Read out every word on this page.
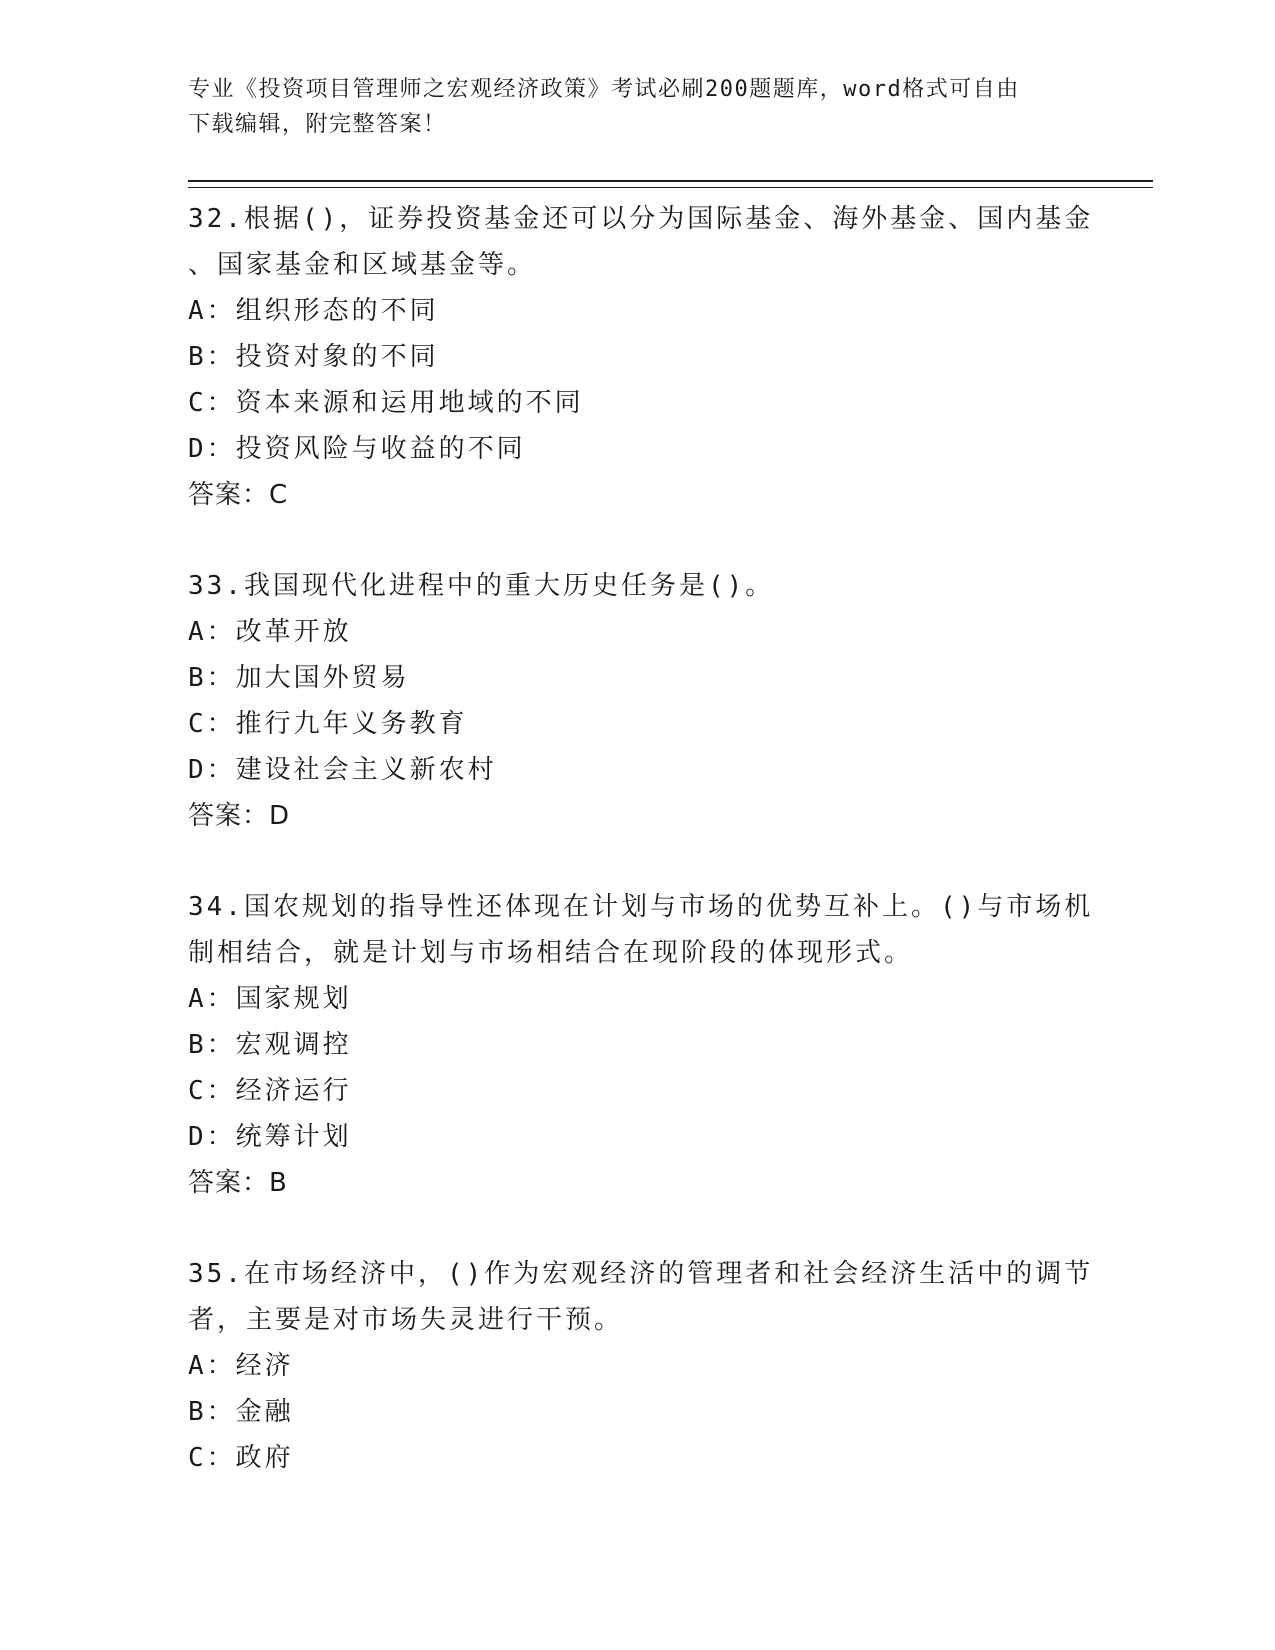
专业《投资项目管理师之宏观经济政策》考试必刷200题题库，word格式可自由
下载编辑，附完整答案！

32.根据()，证券投资基金还可以分为国际基金、海外基金、国内基金
、国家基金和区域基金等。

A：组织形态的不同

B：投资对象的不同

C：资本来源和运用地域的不同

D：投资风险与收益的不同

答案：C

33.我国现代化进程中的重大历史任务是()。

A：改革开放

B：加大国外贸易

C：推行九年义务教育

D：建设社会主义新农村

答案：D

34.国农规划的指导性还体现在计划与市场的优势互补上。()与市场机
制相结合，就是计划与市场相结合在现阶段的体现形式。

A：国家规划

B：宏观调控

C：经济运行

D：统筹计划

答案：B

35.在市场经济中，()作为宏观经济的管理者和社会经济生活中的调节
者，主要是对市场失灵进行干预。

A：经济

B：金融

C：政府
